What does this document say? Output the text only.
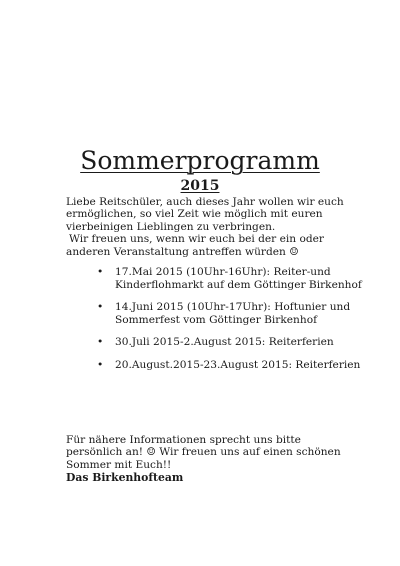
Sommerprogramm
2015

Liebe Reitschüler, auch dieses Jahr wollen wir euch

ermöglichen, so viel Zeit wie möglich mit euren

vierbeinigen Lieblingen zu verbringen.

Wir freuen uns, wenn wir euch bei der ein oder

anderen Veranstaltung antreffen würden ☺

• 17.Mai 2015 (10Uhr-16Uhr): Reiter-und Kinderflohmarkt auf dem Göttinger Birkenhof
• 14.Juni 2015 (10Uhr-17Uhr): Hoftunier und Sommerfest vom Göttinger Birkenhof
• 30.Juli 2015-2.August 2015: Reiterferien
• 20.August.2015-23.August 2015: Reiterferien

Für nähere Informationen sprecht uns bitte

persönlich an! ☺ Wir freuen uns auf einen schönen

Sommer mit Euch!!

Das Birkenhofteam
